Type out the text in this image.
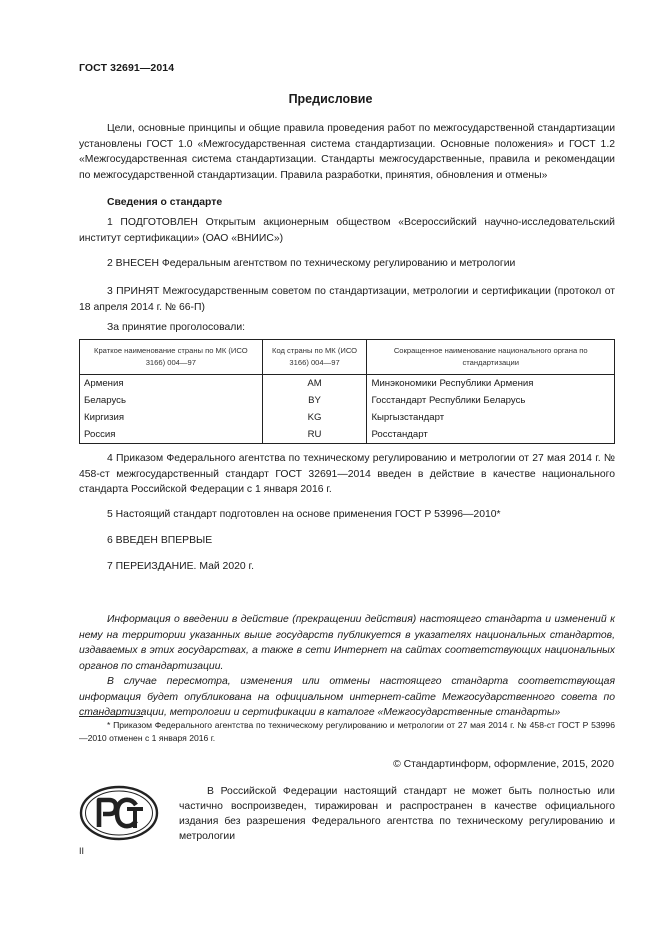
ГОСТ 32691—2014
Предисловие
Цели, основные принципы и общие правила проведения работ по межгосударственной стандартизации установлены ГОСТ 1.0 «Межгосударственная система стандартизации. Основные положения» и ГОСТ 1.2 «Межгосударственная система стандартизации. Стандарты межгосударственные, правила и рекомендации по межгосударственной стандартизации. Правила разработки, принятия, обновления и отмены»
Сведения о стандарте
1 ПОДГОТОВЛЕН Открытым акционерным обществом «Всероссийский научно-исследовательский институт сертификации» (ОАО «ВНИИС»)
2 ВНЕСЕН Федеральным агентством по техническому регулированию и метрологии
3 ПРИНЯТ Межгосударственным советом по стандартизации, метрологии и сертификации (протокол от 18 апреля 2014 г. № 66-П)
За принятие проголосовали:
Краткое наименование страны по МК (ИСО 3166) 004—97	Код страны по МК (ИСО 3166) 004—97	Сокращенное наименование национального органа по стандартизации
Армения	AM	Минэкономики Республики Армения
Беларусь	BY	Госстандарт Республики Беларусь
Киргизия	KG	Кыргызстандарт
Россия	RU	Росстандарт
4 Приказом Федерального агентства по техническому регулированию и метрологии от 27 мая 2014 г. № 458-ст межгосударственный стандарт ГОСТ 32691—2014 введен в действие в качестве национального стандарта Российской Федерации с 1 января 2016 г.
5 Настоящий стандарт подготовлен на основе применения ГОСТ Р 53996—2010*
6 ВВЕДЕН ВПЕРВЫЕ
7 ПЕРЕИЗДАНИЕ. Май 2020 г.
Информация о введении в действие (прекращении действия) настоящего стандарта и изменений к нему на территории указанных выше государств публикуется в указателях национальных стандартов, издаваемых в этих государствах, а также в сети Интернет на сайтах соответствующих национальных органов по стандартизации.
В случае пересмотра, изменения или отмены настоящего стандарта соответствующая информация будет опубликована на официальном интернет-сайте Межгосударственного совета по стандартизации, метрологии и сертификации в каталоге «Межгосударственные стандарты»
* Приказом Федерального агентства по техническому регулированию и метрологии от 27 мая 2014 г. № 458-ст ГОСТ Р 53996—2010 отменен с 1 января 2016 г.
© Стандартинформ, оформление, 2015, 2020
В Российской Федерации настоящий стандарт не может быть полностью или частично воспроизведен, тиражирован и распространен в качестве официального издания без разрешения Федерального агентства по техническому регулированию и метрологии
II
